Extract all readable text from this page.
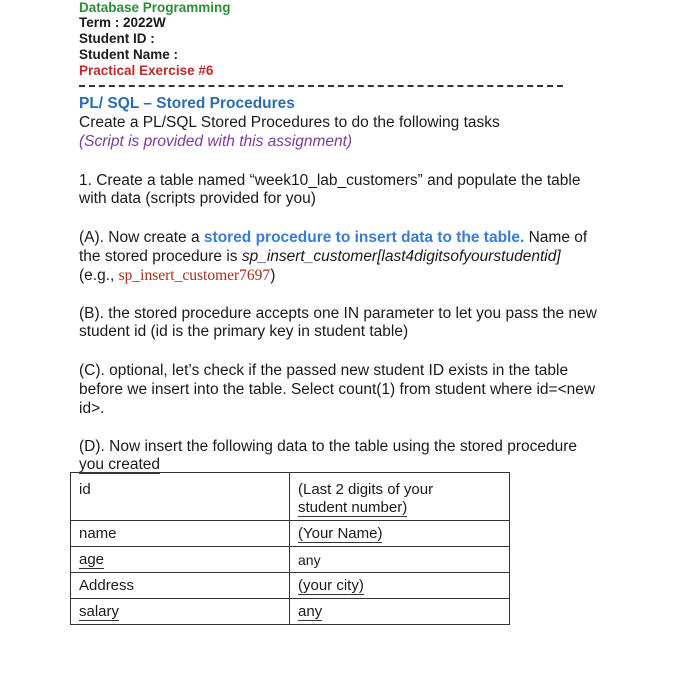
Database Programming
Term : 2022W
Student ID :
Student Name :
Practical Exercise #6
PL/ SQL – Stored Procedures
Create a PL/SQL Stored Procedures to do the following tasks
(Script is provided with this assignment)
1. Create a table named “week10_lab_customers” and populate the table
with data (scripts provided for you)
(A). Now create a stored procedure to insert data to the table. Name of
the stored procedure is sp_insert_customer[last4digitsofyourstudentid]
(e.g., sp_insert_customer7697)
(B). the stored procedure accepts one IN parameter to let you pass the new
student id (id is the primary key in student table)
(C). optional, let’s check if the passed new student ID exists in the table
before we insert into the table. Select count(1) from student where id=<new
id>.
(D). Now insert the following data to the table using the stored procedure
you created
id	(Last 2 digits of your
student number)

name	(Your Name)
age	any
Address	(your city)
salary	any
